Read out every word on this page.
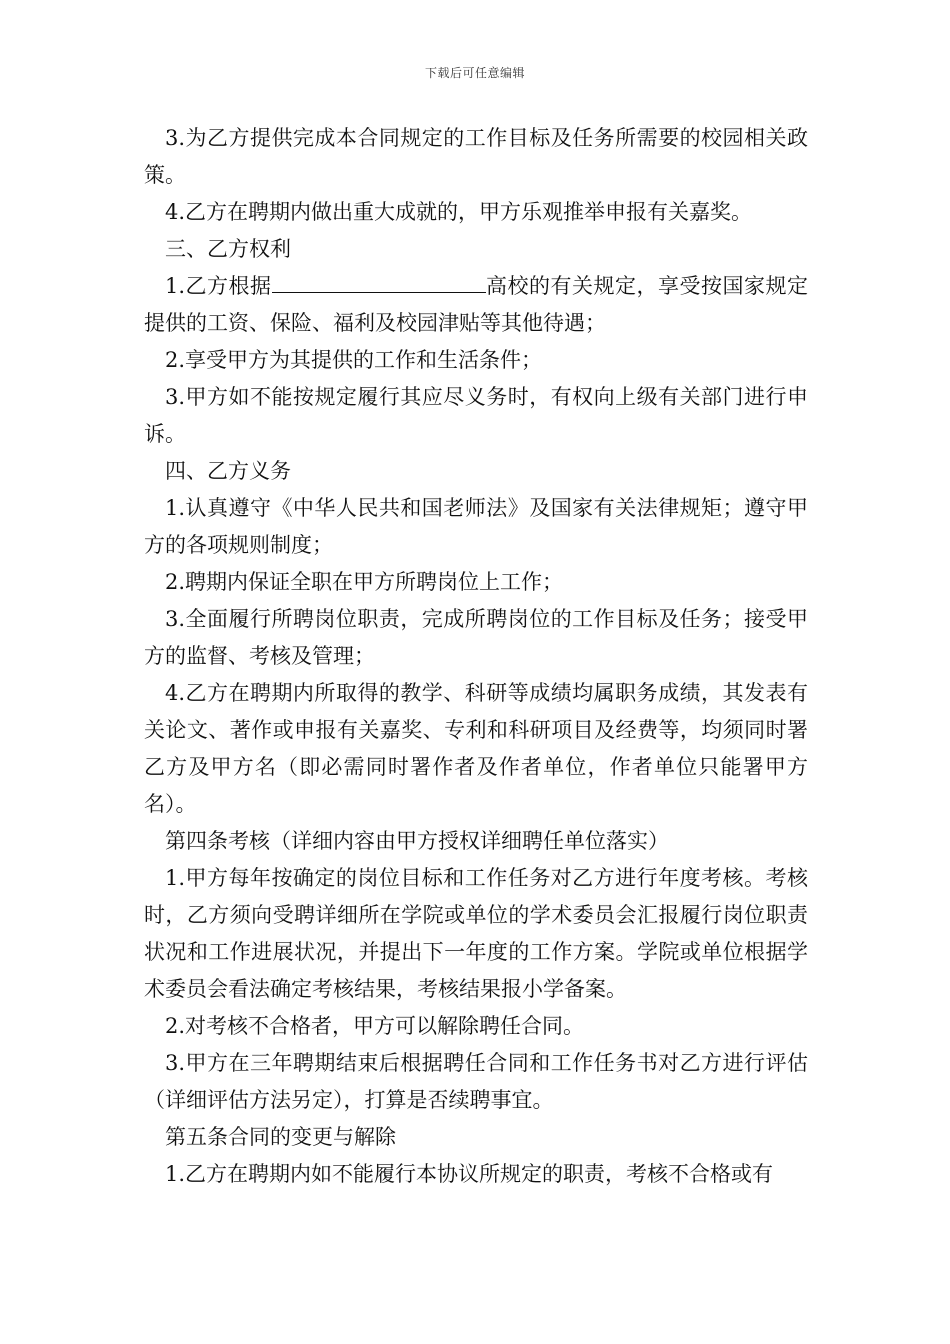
下载后可任意编辑

3.为乙方提供完成本合同规定的工作目标及任务所需要的校园相关政策。

4.乙方在聘期内做出重大成就的，甲方乐观推举申报有关嘉奖。

三、乙方权利

1.乙方根据	高校的有关规定，享受按国家规定提供的工资、保险、福利及校园津贴等其他待遇；

2.享受甲方为其提供的工作和生活条件；

3.甲方如不能按规定履行其应尽义务时，有权向上级有关部门进行申诉。

四、乙方义务

1.认真遵守《中华人民共和国老师法》及国家有关法律规矩；遵守甲方的各项规则制度；

2.聘期内保证全职在甲方所聘岗位上工作；

3.全面履行所聘岗位职责，完成所聘岗位的工作目标及任务；接受甲方的监督、考核及管理；

4.乙方在聘期内所取得的教学、科研等成绩均属职务成绩，其发表有关论文、著作或申报有关嘉奖、专利和科研项目及经费等，均须同时署乙方及甲方名（即必需同时署作者及作者单位，作者单位只能署甲方名）。

第四条考核（详细内容由甲方授权详细聘任单位落实）

1.甲方每年按确定的岗位目标和工作任务对乙方进行年度考核。考核时，乙方须向受聘详细所在学院或单位的学术委员会汇报履行岗位职责状况和工作进展状况，并提出下一年度的工作方案。学院或单位根据学术委员会看法确定考核结果，考核结果报小学备案。

2.对考核不合格者，甲方可以解除聘任合同。

3.甲方在三年聘期结束后根据聘任合同和工作任务书对乙方进行评估（详细评估方法另定），打算是否续聘事宜。

第五条合同的变更与解除

1.乙方在聘期内如不能履行本协议所规定的职责，考核不合格或有
